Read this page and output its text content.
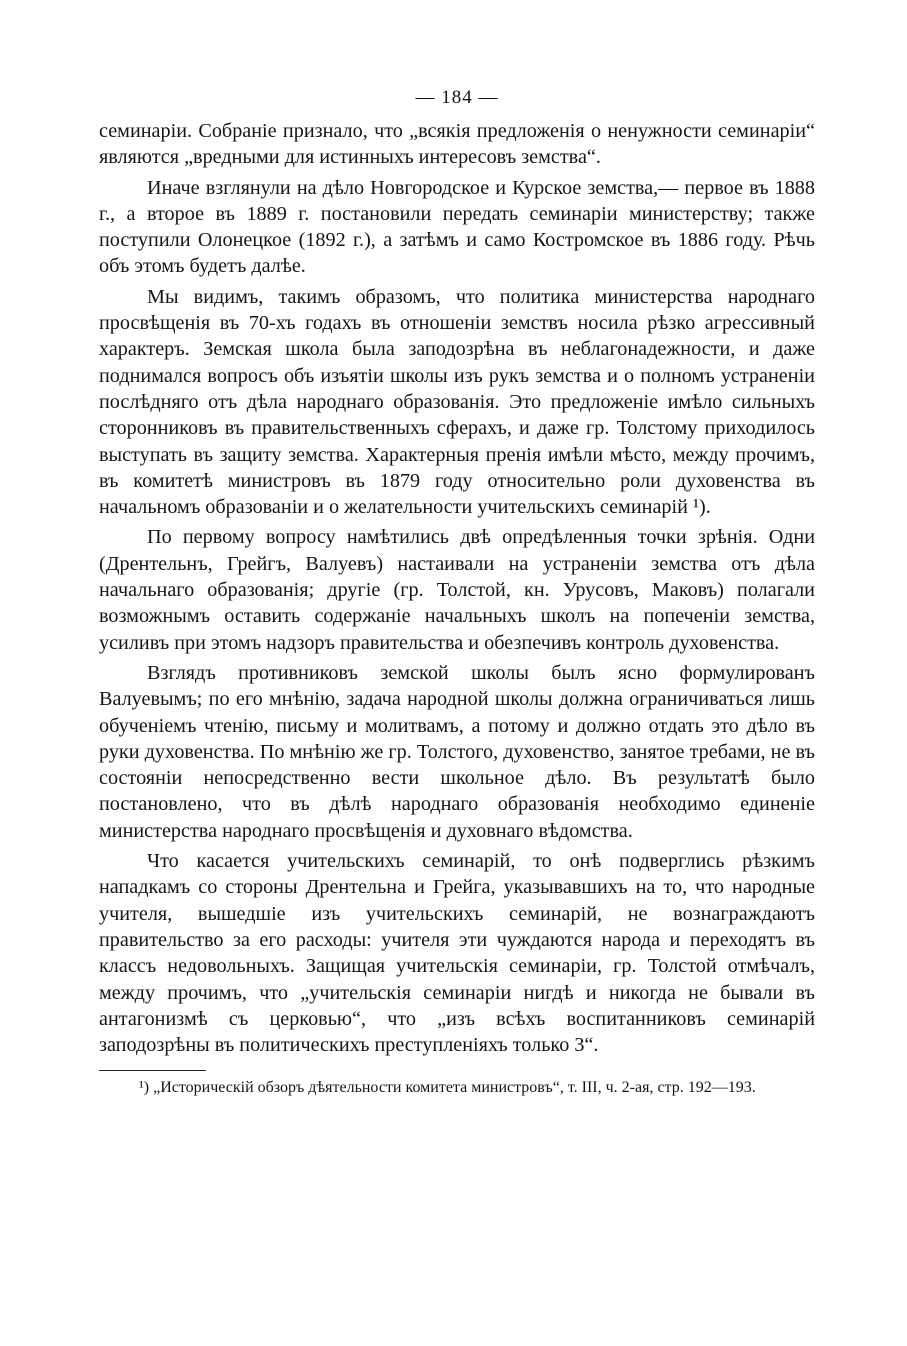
— 184 —

семинаріи. Собраніе признало, что „всякія предложенія о ненужности семинаріи“ являются „вредными для истинныхъ интересовъ земства“.

Иначе взглянули на дѣло Новгородское и Курское земства,— первое въ 1888 г., а второе въ 1889 г. постановили передать семинаріи министерству; также поступили Олонецкое (1892 г.), а затѣмъ и само Костромское въ 1886 году. Рѣчь объ этомъ будетъ далѣе.

Мы видимъ, такимъ образомъ, что политика министерства народнаго просвѣщенія въ 70-хъ годахъ въ отношеніи земствъ носила рѣзко агрессивный характеръ. Земская школа была заподозрѣна въ неблагонадежности, и даже поднимался вопросъ объ изъятіи школы изъ рукъ земства и о полномъ устраненіи послѣдняго отъ дѣла народнаго образованія. Это предложеніе имѣло сильныхъ сторонниковъ въ правительственныхъ сферахъ, и даже гр. Толстому приходилось выступать въ защиту земства. Характерныя пренія имѣли мѣсто, между прочимъ, въ комитетѣ министровъ въ 1879 году относительно роли духовенства въ начальномъ образованіи и о желательности учительскихъ семинарій ¹).

По первому вопросу намѣтились двѣ опредѣленныя точки зрѣнія. Одни (Дрентельнъ, Грейгъ, Валуевъ) настаивали на устраненіи земства отъ дѣла начальнаго образованія; другіе (гр. Толстой, кн. Урусовъ, Маковъ) полагали возможнымъ оставить содержаніе начальныхъ школъ на попеченіи земства, усиливъ при этомъ надзоръ правительства и обезпечивъ контроль духовенства.

Взглядъ противниковъ земской школы былъ ясно формулированъ Валуевымъ; по его мнѣнію, задача народной школы должна ограничиваться лишь обученіемъ чтенію, письму и молитвамъ, а потому и должно отдать это дѣло въ руки духовенства. По мнѣнію же гр. Толстого, духовенство, занятое требами, не въ состояніи непосредственно вести школьное дѣло. Въ результатѣ было постановлено, что въ дѣлѣ народнаго образованія необходимо единеніе министерства народнаго просвѣщенія и духовнаго вѣдомства.

Что касается учительскихъ семинарій, то онѣ подверглись рѣзкимъ нападкамъ со стороны Дрентельна и Грейга, указывавшихъ на то, что народные учителя, вышедшіе изъ учительскихъ семинарій, не вознаграждаютъ правительство за его расходы: учителя эти чуждаются народа и переходятъ въ классъ недовольныхъ. Защищая учительскія семинаріи, гр. Толстой отмѣчалъ, между прочимъ, что „учительскія семинаріи нигдѣ и никогда не бывали въ антагонизмѣ съ церковью“, что „изъ всѣхъ воспитанниковъ семинарій заподозрѣны въ политическихъ преступленіяхъ только 3“.

¹) „Историческій обзоръ дѣятельности комитета министровъ“, т. III, ч. 2-ая, стр. 192—193.
